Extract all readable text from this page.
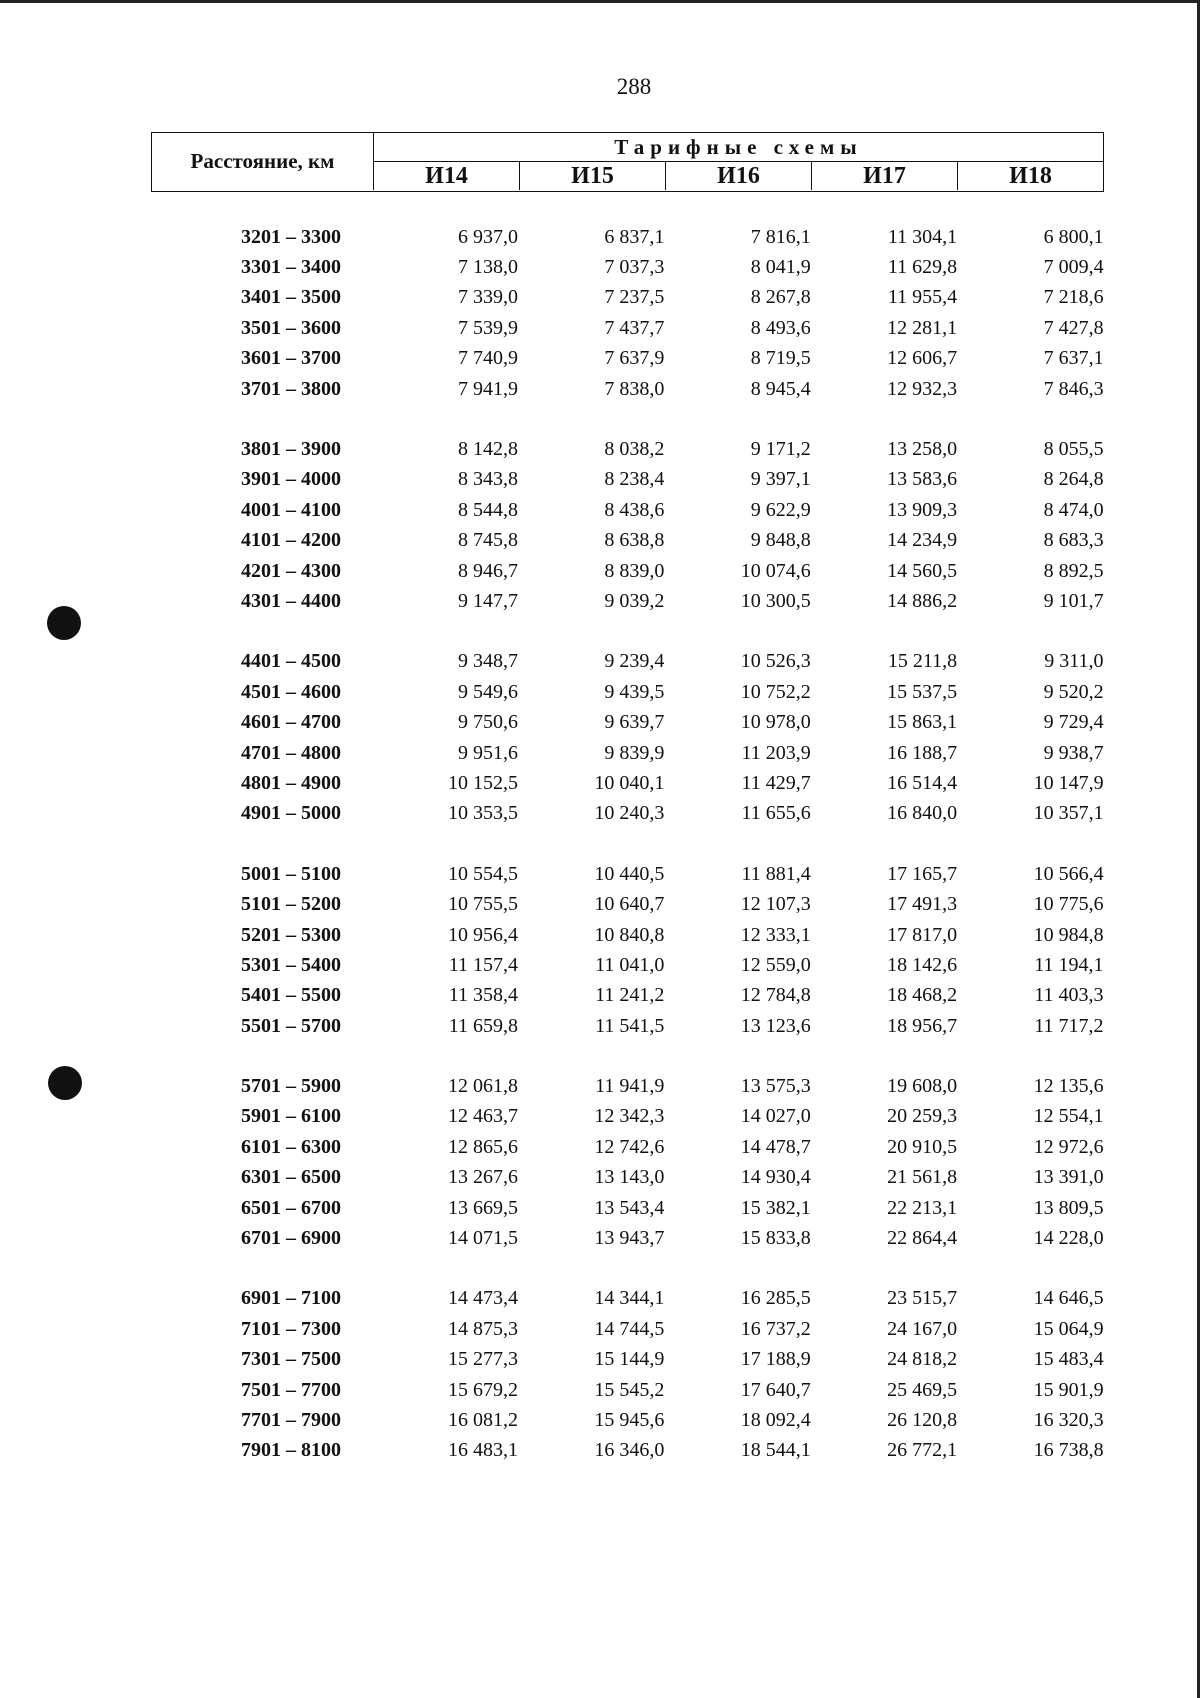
288
Расстояние, км
Тарифные схемы
И14	И15	И16	И17	И18
3201 – 3300	6 937,0	6 837,1	7 816,1	11 304,1	6 800,1
3301 – 3400	7 138,0	7 037,3	8 041,9	11 629,8	7 009,4
3401 – 3500	7 339,0	7 237,5	8 267,8	11 955,4	7 218,6
3501 – 3600	7 539,9	7 437,7	8 493,6	12 281,1	7 427,8
3601 – 3700	7 740,9	7 637,9	8 719,5	12 606,7	7 637,1
3701 – 3800	7 941,9	7 838,0	8 945,4	12 932,3	7 846,3
3801 – 3900	8 142,8	8 038,2	9 171,2	13 258,0	8 055,5
3901 – 4000	8 343,8	8 238,4	9 397,1	13 583,6	8 264,8
4001 – 4100	8 544,8	8 438,6	9 622,9	13 909,3	8 474,0
4101 – 4200	8 745,8	8 638,8	9 848,8	14 234,9	8 683,3
4201 – 4300	8 946,7	8 839,0	10 074,6	14 560,5	8 892,5
4301 – 4400	9 147,7	9 039,2	10 300,5	14 886,2	9 101,7
4401 – 4500	9 348,7	9 239,4	10 526,3	15 211,8	9 311,0
4501 – 4600	9 549,6	9 439,5	10 752,2	15 537,5	9 520,2
4601 – 4700	9 750,6	9 639,7	10 978,0	15 863,1	9 729,4
4701 – 4800	9 951,6	9 839,9	11 203,9	16 188,7	9 938,7
4801 – 4900	10 152,5	10 040,1	11 429,7	16 514,4	10 147,9
4901 – 5000	10 353,5	10 240,3	11 655,6	16 840,0	10 357,1
5001 – 5100	10 554,5	10 440,5	11 881,4	17 165,7	10 566,4
5101 – 5200	10 755,5	10 640,7	12 107,3	17 491,3	10 775,6
5201 – 5300	10 956,4	10 840,8	12 333,1	17 817,0	10 984,8
5301 – 5400	11 157,4	11 041,0	12 559,0	18 142,6	11 194,1
5401 – 5500	11 358,4	11 241,2	12 784,8	18 468,2	11 403,3
5501 – 5700	11 659,8	11 541,5	13 123,6	18 956,7	11 717,2
5701 – 5900	12 061,8	11 941,9	13 575,3	19 608,0	12 135,6
5901 – 6100	12 463,7	12 342,3	14 027,0	20 259,3	12 554,1
6101 – 6300	12 865,6	12 742,6	14 478,7	20 910,5	12 972,6
6301 – 6500	13 267,6	13 143,0	14 930,4	21 561,8	13 391,0
6501 – 6700	13 669,5	13 543,4	15 382,1	22 213,1	13 809,5
6701 – 6900	14 071,5	13 943,7	15 833,8	22 864,4	14 228,0
6901 – 7100	14 473,4	14 344,1	16 285,5	23 515,7	14 646,5
7101 – 7300	14 875,3	14 744,5	16 737,2	24 167,0	15 064,9
7301 – 7500	15 277,3	15 144,9	17 188,9	24 818,2	15 483,4
7501 – 7700	15 679,2	15 545,2	17 640,7	25 469,5	15 901,9
7701 – 7900	16 081,2	15 945,6	18 092,4	26 120,8	16 320,3
7901 – 8100	16 483,1	16 346,0	18 544,1	26 772,1	16 738,8
